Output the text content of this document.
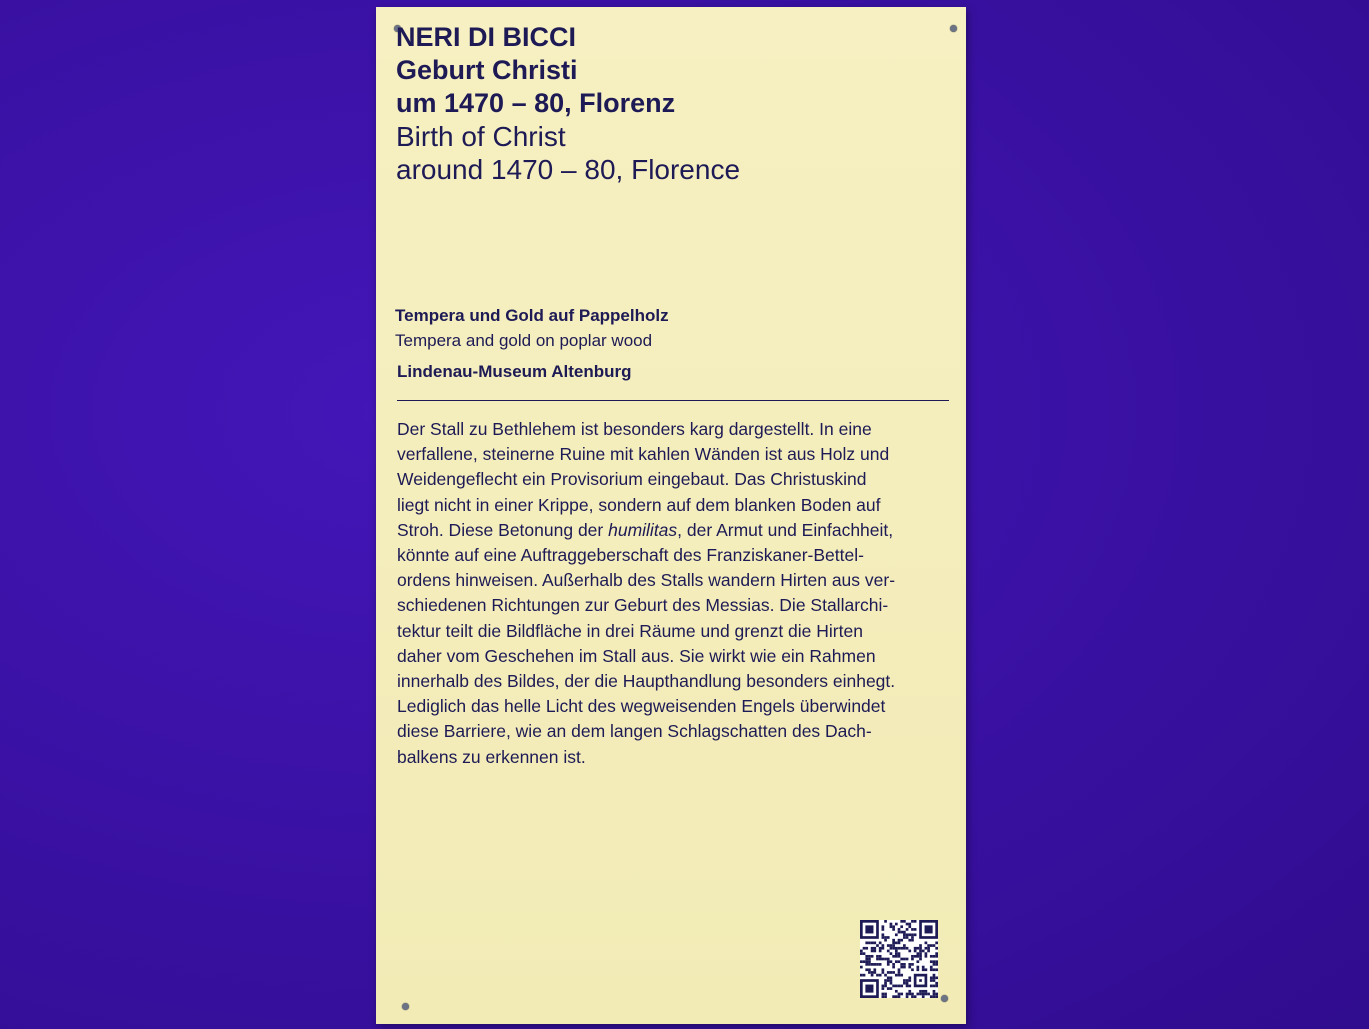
NERI DI BICCI
Geburt Christi
um 1470 – 80, Florenz
Birth of Christ
around 1470 – 80, Florence
Tempera und Gold auf Pappelholz
Tempera and gold on poplar wood
Lindenau-Museum Altenburg
Der Stall zu Bethlehem ist besonders karg dargestellt. In eine
verfallene, steinerne Ruine mit kahlen Wänden ist aus Holz und
Weidengeflecht ein Provisorium eingebaut. Das Christuskind
liegt nicht in einer Krippe, sondern auf dem blanken Boden auf
Stroh. Diese Betonung der humilitas, der Armut und Einfachheit,
könnte auf eine Auftraggeberschaft des Franziskaner-Bettel-
ordens hinweisen. Außerhalb des Stalls wandern Hirten aus ver-
schiedenen Richtungen zur Geburt des Messias. Die Stallarchi-
tektur teilt die Bildfläche in drei Räume und grenzt die Hirten
daher vom Geschehen im Stall aus. Sie wirkt wie ein Rahmen
innerhalb des Bildes, der die Haupthandlung besonders einhegt.
Lediglich das helle Licht des wegweisenden Engels überwindet
diese Barriere, wie an dem langen Schlagschatten des Dach-
balkens zu erkennen ist.
